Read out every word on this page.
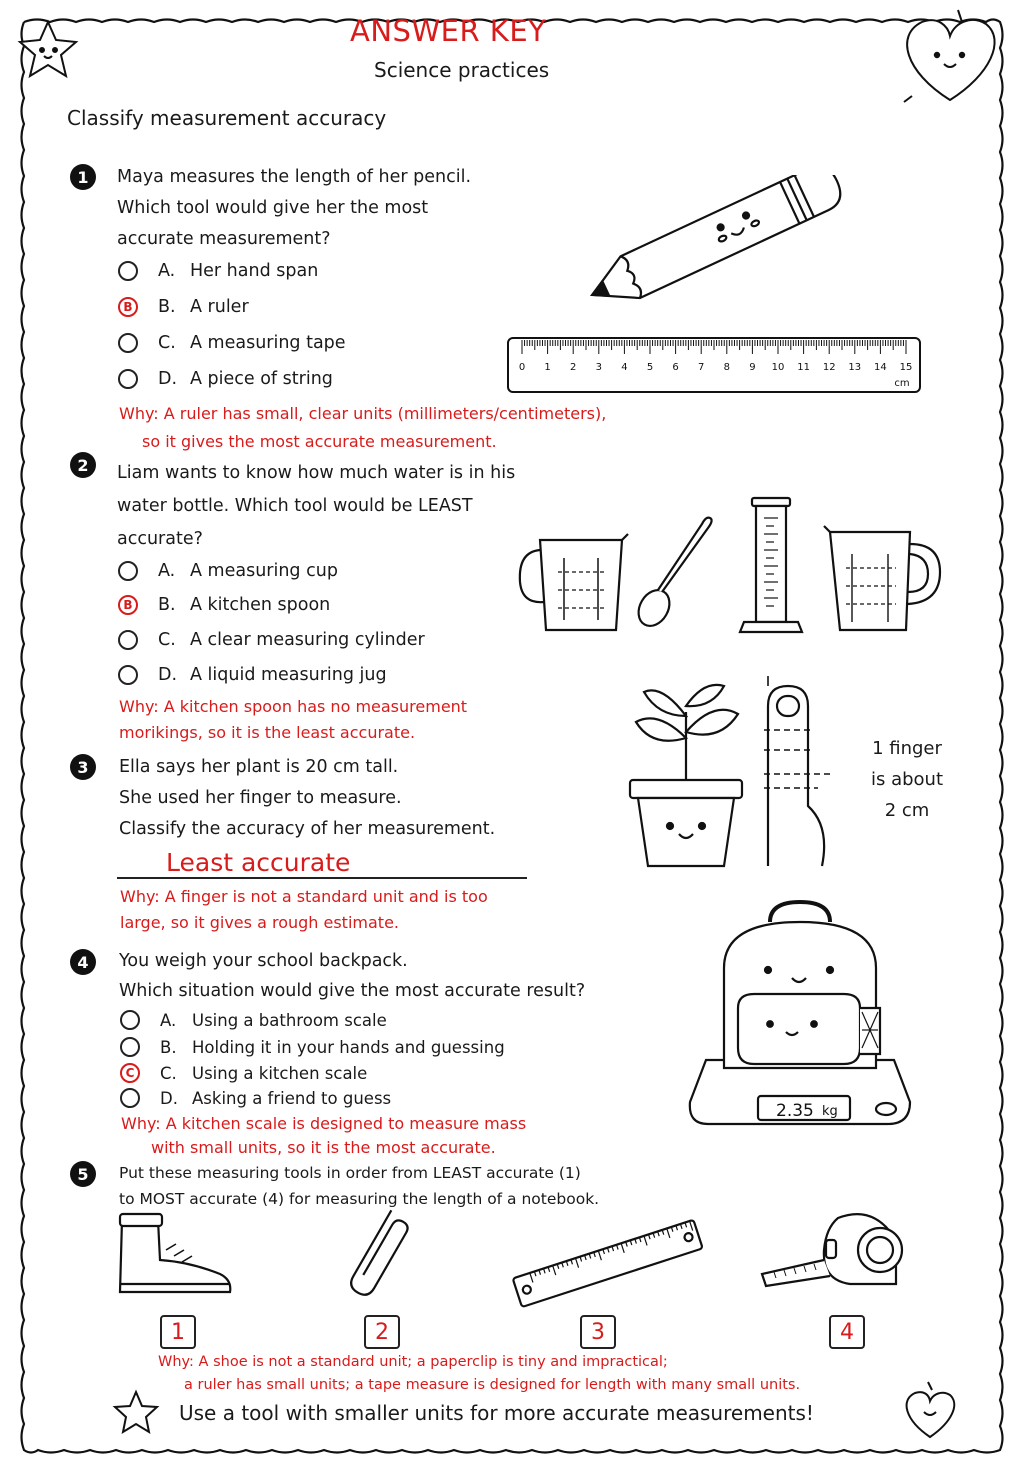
ANSWER KEY
Science practices
Classify measurement accuracy
1	Maya measures the length of her pencil.
Which tool would give her the most
accurate measurement?
A. Her hand span
B	B. A ruler
C. A measuring tape
D. A piece of string
Why: A ruler has small, clear units (millimeters/centimeters),
so it gives the most accurate measurement.
0 1 2 3 4 5 6 7 8 9 10 11 12 13 14 15
cm
2	Liam wants to know how much water is in his
water bottle. Which tool would be LEAST
accurate?
A. A measuring cup
B	B. A kitchen spoon
C. A clear measuring cylinder
D. A liquid measuring jug
Why: A kitchen spoon has no measurement
morikings, so it is the least accurate.
3	Ella says her plant is 20 cm tall.
She used her finger to measure.
Classify the accuracy of her measurement.
Least accurate
Why: A finger is not a standard unit and is too
large, so it gives a rough estimate.
1 finger
is about
2 cm
4	You weigh your school backpack.
Which situation would give the most accurate result?
A. Using a bathroom scale
B. Holding it in your hands and guessing
C	C. Using a kitchen scale
D. Asking a friend to guess
Why: A kitchen scale is designed to measure mass
with small units, so it is the most accurate.
2.35 kg
5	Put these measuring tools in order from LEAST accurate (1)
to MOST accurate (4) for measuring the length of a notebook.
1	2	3	4
Why: A shoe is not a standard unit; a paperclip is tiny and impractical;
a ruler has small units; a tape measure is designed for length with many small units.
Use a tool with smaller units for more accurate measurements!
